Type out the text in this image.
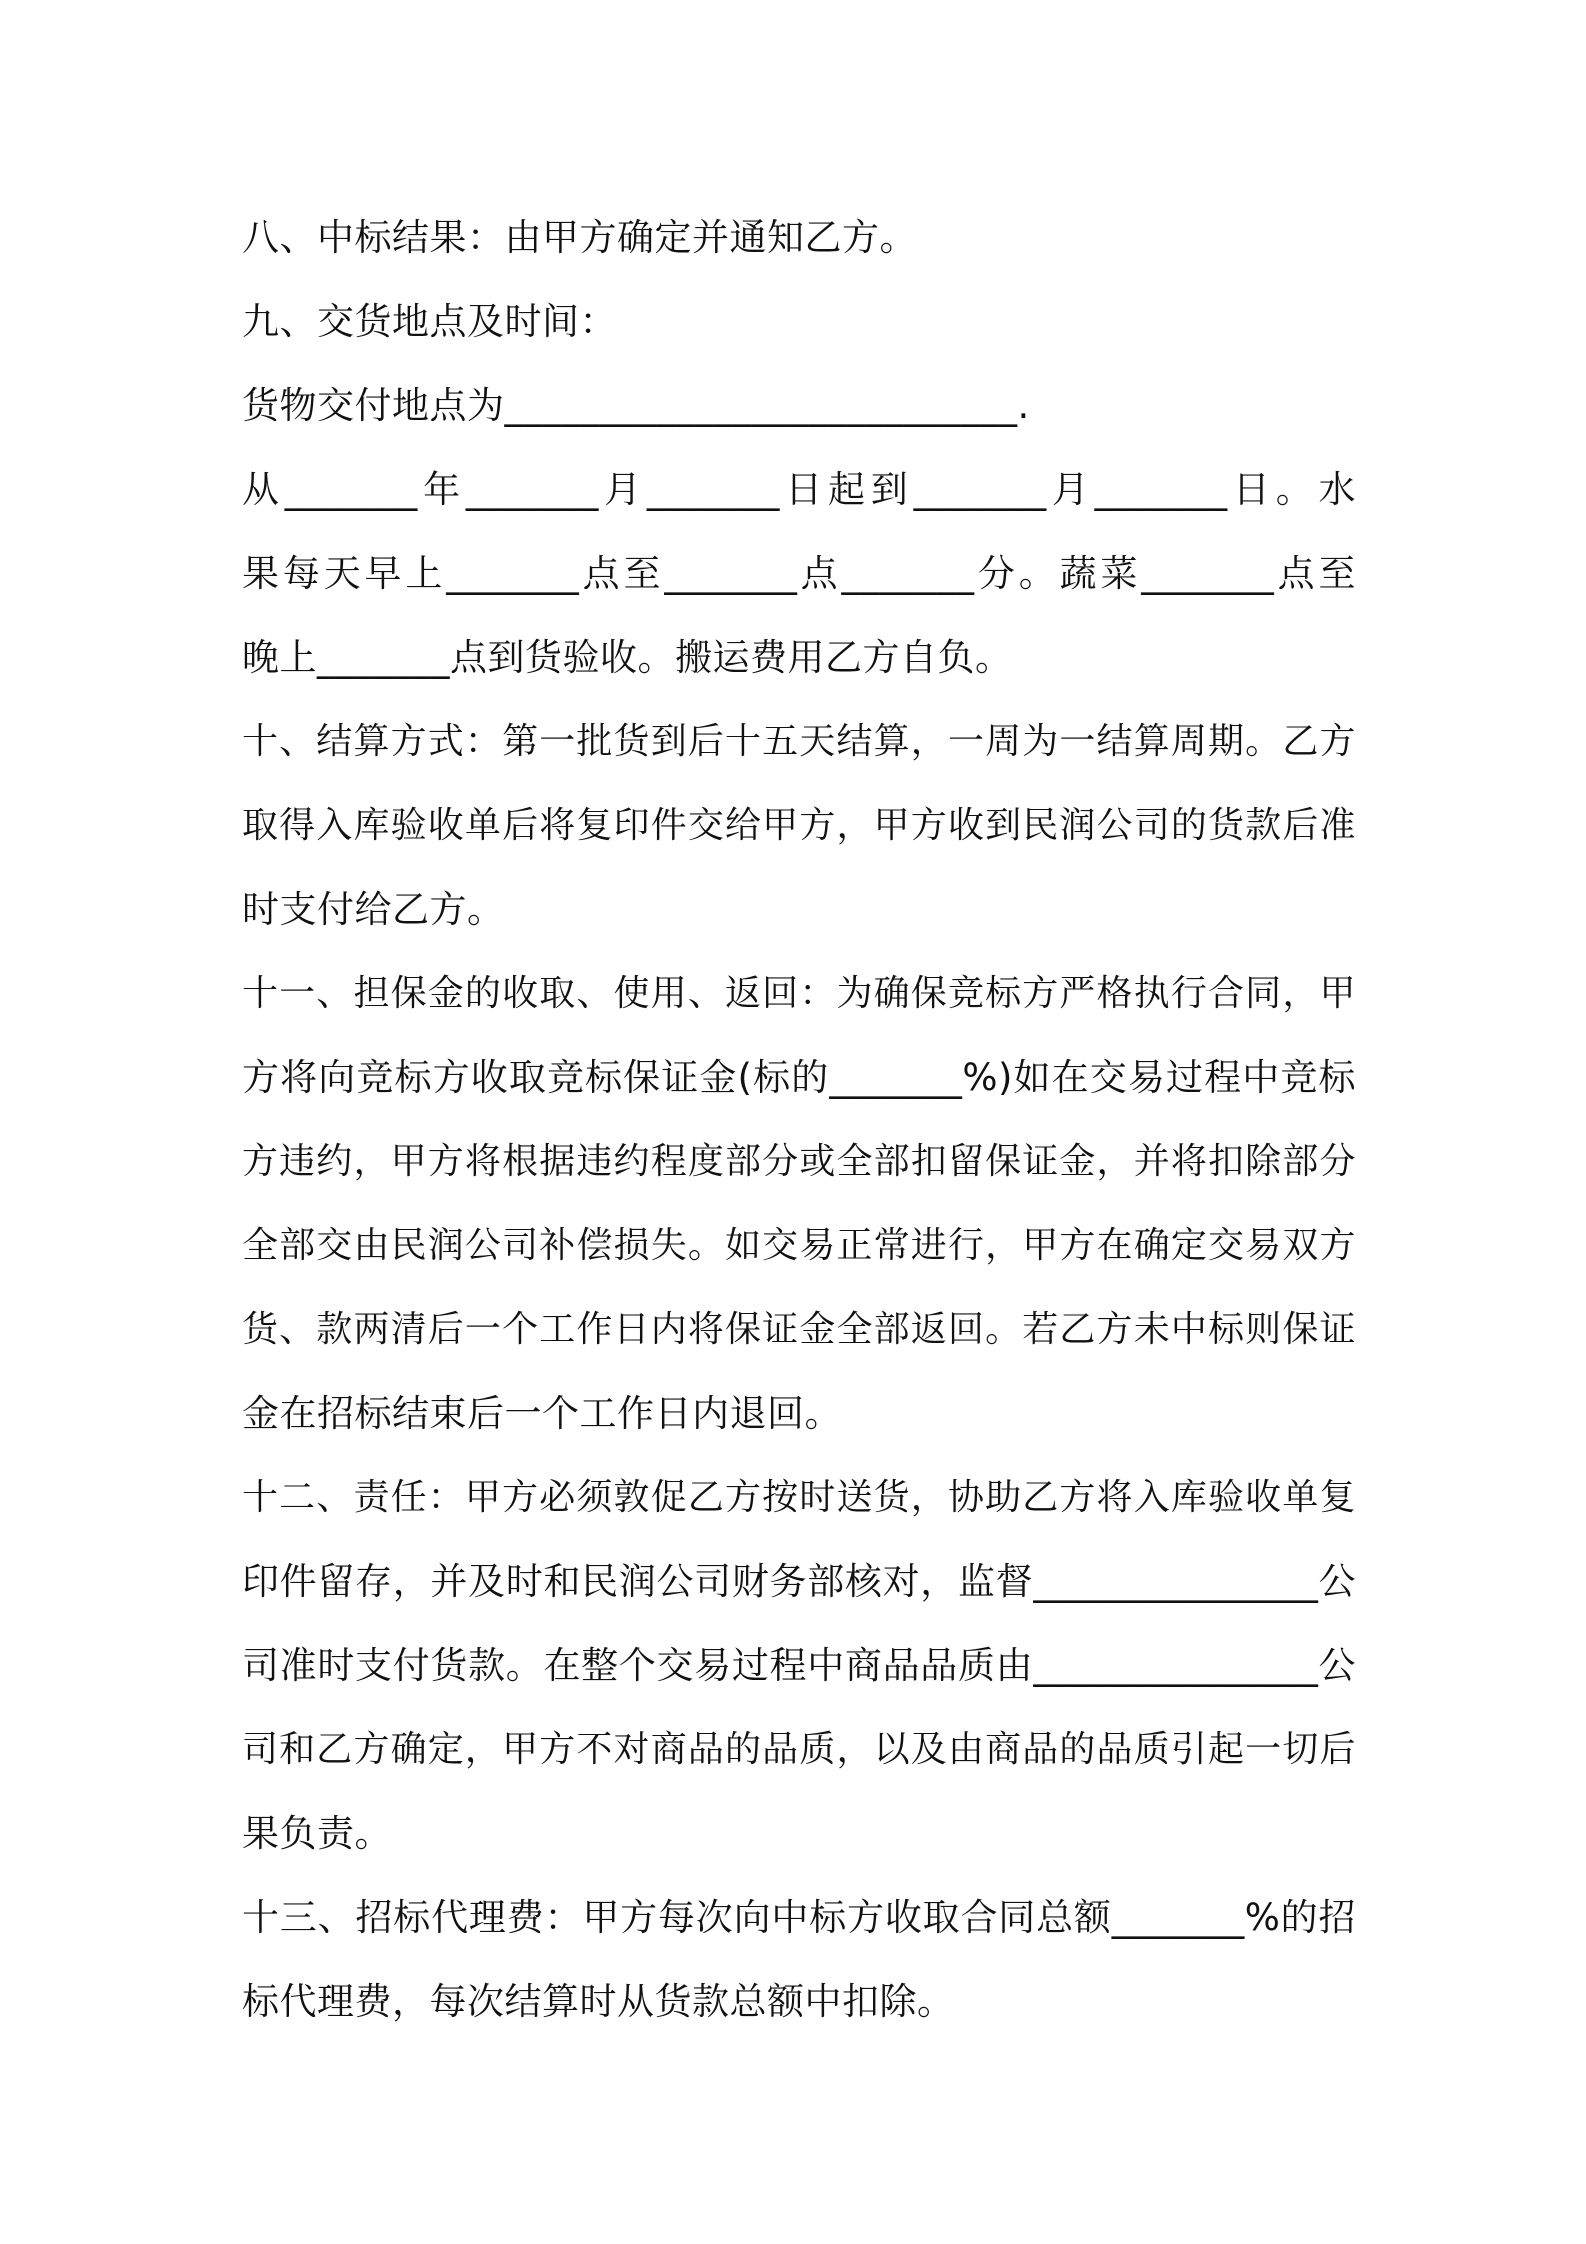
八、中标结果：由甲方确定并通知乙方。
九、交货地点及时间：
货物交付地点为___________________________.
从_______年_______月_______日起到_______月_______日。水
果每天早上_______点至_______点_______分。蔬菜_______点至
晚上_______点到货验收。搬运费用乙方自负。
十、结算方式：第一批货到后十五天结算，一周为一结算周期。乙方
取得入库验收单后将复印件交给甲方，甲方收到民润公司的货款后准
时支付给乙方。
十一、担保金的收取、使用、返回：为确保竞标方严格执行合同，甲
方将向竞标方收取竞标保证金(标的_______%)如在交易过程中竞标
方违约，甲方将根据违约程度部分或全部扣留保证金，并将扣除部分
全部交由民润公司补偿损失。如交易正常进行，甲方在确定交易双方
货、款两清后一个工作日内将保证金全部返回。若乙方未中标则保证
金在招标结束后一个工作日内退回。
十二、责任：甲方必须敦促乙方按时送货，协助乙方将入库验收单复
印件留存，并及时和民润公司财务部核对，监督_______________公
司准时支付货款。在整个交易过程中商品品质由_______________公
司和乙方确定，甲方不对商品的品质，以及由商品的品质引起一切后
果负责。
十三、招标代理费：甲方每次向中标方收取合同总额_______%的招
标代理费，每次结算时从货款总额中扣除。
